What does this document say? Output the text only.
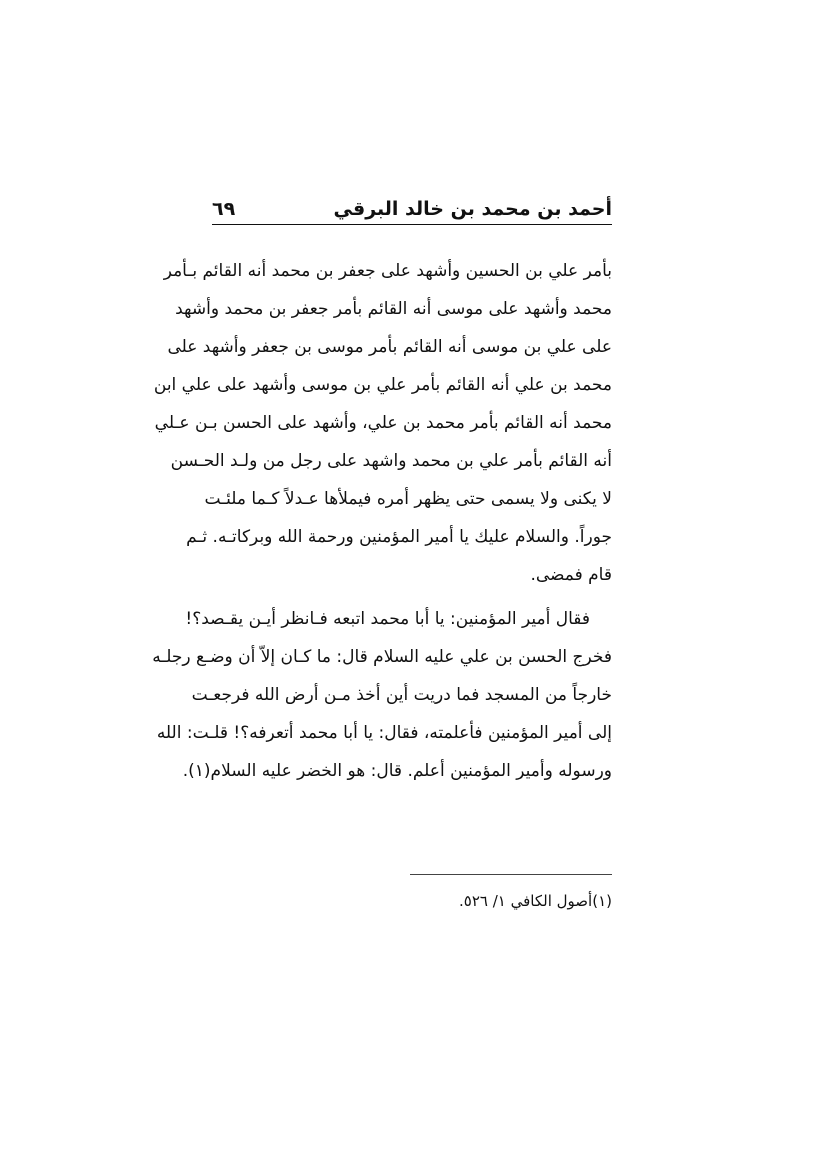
أحمد بن محمد بن خالد البرقي
٦٩
بأمر علي بن الحسين وأشهد على جعفر بن محمد أنه القائم بـأمر
محمد وأشهد على موسى أنه القائم بأمر جعفر بن محمد وأشهد
على علي بن موسى أنه القائم بأمر موسى بن جعفر وأشهد على
محمد بن علي أنه القائم بأمر علي بن موسى وأشهد على علي ابن
محمد أنه القائم بأمر محمد بن علي، وأشهد على الحسن بـن عـلي
أنه القائم بأمر علي بن محمد واشهد على رجل من ولـد الحـسن
لا يكنى ولا يسمى حتى يظهر أمره فيملأها عـدلاً كـما ملئـت
جوراً. والسلام عليك يا أمير المؤمنين ورحمة الله وبركاتـه. ثـم
قام فمضى.
فقال أمير المؤمنين: يا أبا محمد اتبعه فـانظر أيـن يقـصد؟!
فخرج الحسن بن علي عليه السلام قال: ما كـان إلاّ أن وضـع رجلـه
خارجاً من المسجد فما دريت أين أخذ مـن أرض الله فرجعـت
إلى أمير المؤمنين فأعلمته، فقال: يا أبا محمد أتعرفه؟! قلـت: الله
ورسوله وأمير المؤمنين أعلم. قال: هو الخضر عليه السلام(١).
(١)أصول الكافي ١/ ٥٢٦.
